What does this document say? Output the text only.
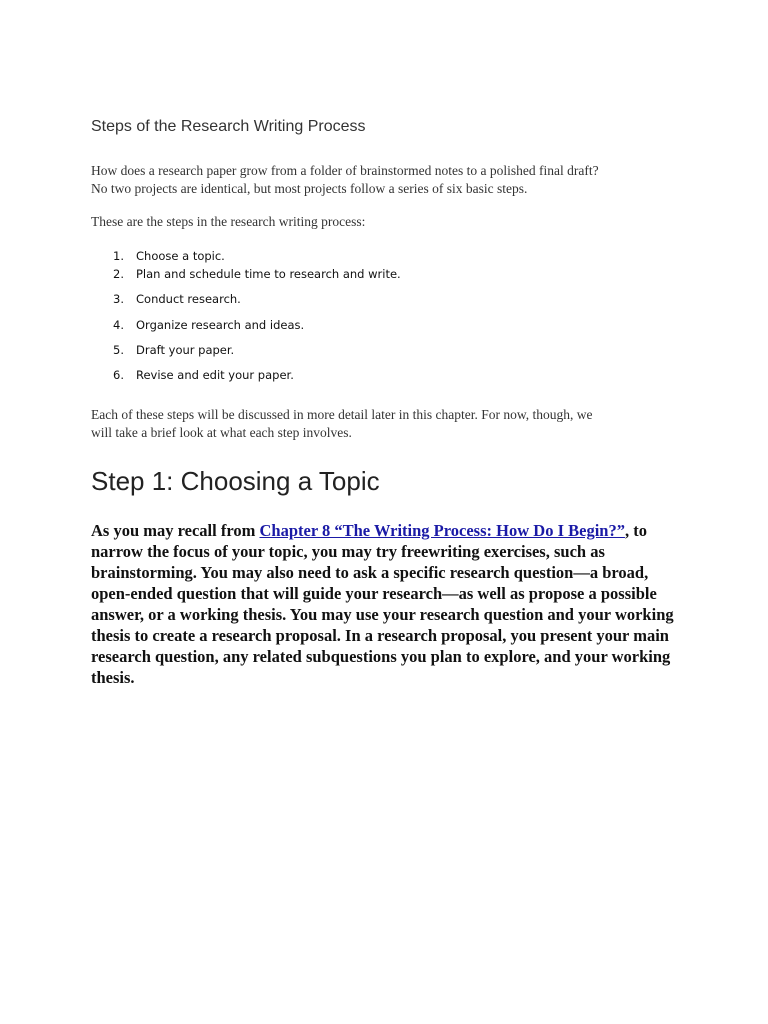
Steps of the Research Writing Process

How does a research paper grow from a folder of brainstormed notes to a polished final draft?
No two projects are identical, but most projects follow a series of six basic steps.

These are the steps in the research writing process:

1. Choose a topic.
2. Plan and schedule time to research and write.
3. Conduct research.
4. Organize research and ideas.
5. Draft your paper.
6. Revise and edit your paper.

Each of these steps will be discussed in more detail later in this chapter. For now, though, we
will take a brief look at what each step involves.

Step 1: Choosing a Topic

As you may recall from Chapter 8 “The Writing Process: How Do I Begin?”, to
narrow the focus of your topic, you may try freewriting exercises, such as
brainstorming. You may also need to ask a specific research question—a broad,
open-ended question that will guide your research—as well as propose a possible
answer, or a working thesis. You may use your research question and your working
thesis to create a research proposal. In a research proposal, you present your main
research question, any related subquestions you plan to explore, and your working
thesis.
